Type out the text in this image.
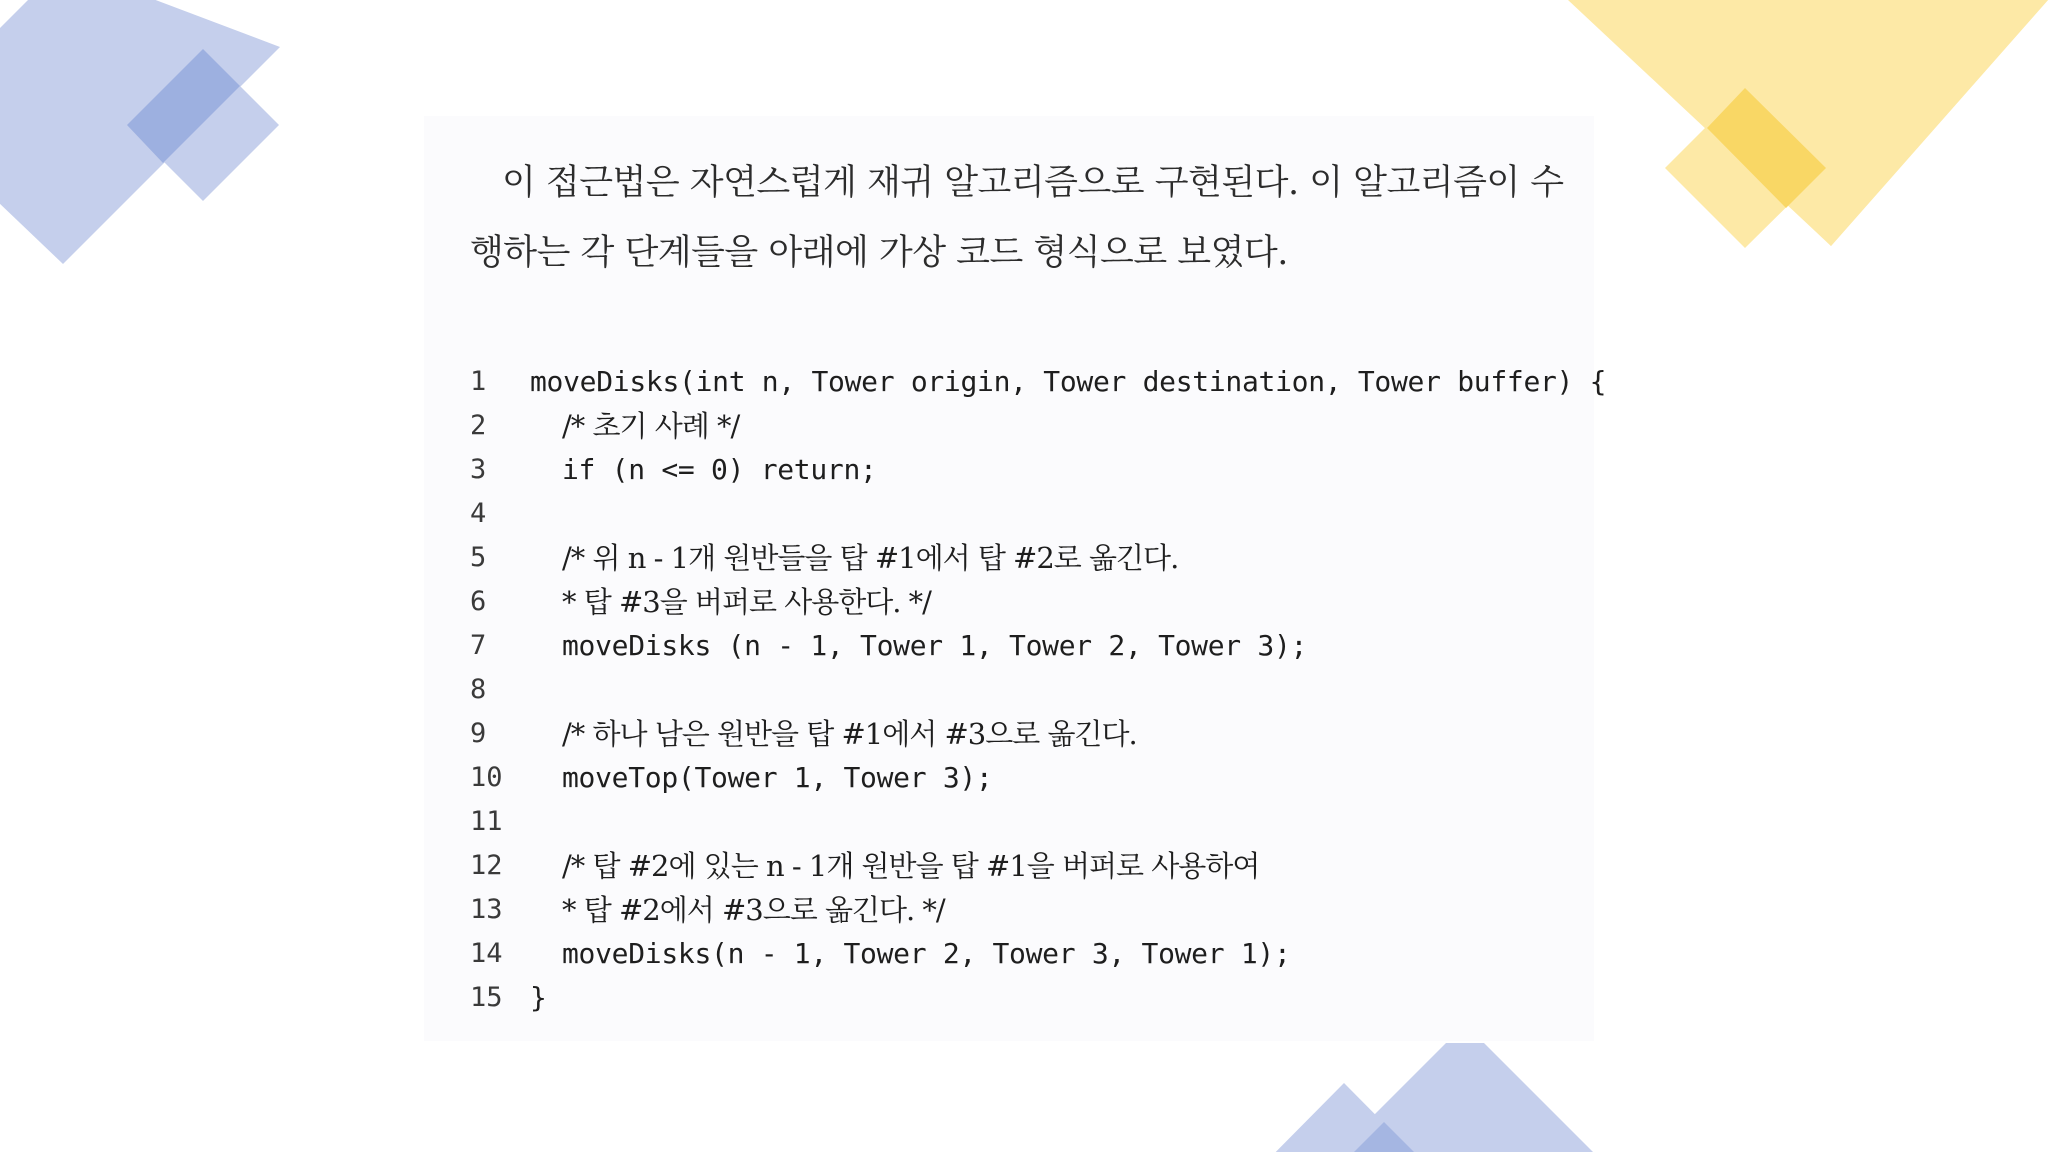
이 접근법은 자연스럽게 재귀 알고리즘으로 구현된다. 이 알고리즘이 수행하는 각 단계들을 아래에 가상 코드 형식으로 보였다.

1	moveDisks(int n, Tower origin, Tower destination, Tower buffer) {
2	/* 초기 사례 */
3	if (n <= 0) return;
4
5	/* 위 n - 1개 원반들을 탑 #1에서 탑 #2로 옮긴다.
6	* 탑 #3을 버퍼로 사용한다. */
7	moveDisks (n - 1, Tower 1, Tower 2, Tower 3);
8
9	/* 하나 남은 원반을 탑 #1에서 #3으로 옮긴다.
10	moveTop(Tower 1, Tower 3);
11
12	/* 탑 #2에 있는 n - 1개 원반을 탑 #1을 버퍼로 사용하여
13	* 탑 #2에서 #3으로 옮긴다. */
14	moveDisks(n - 1, Tower 2, Tower 3, Tower 1);
15 }
